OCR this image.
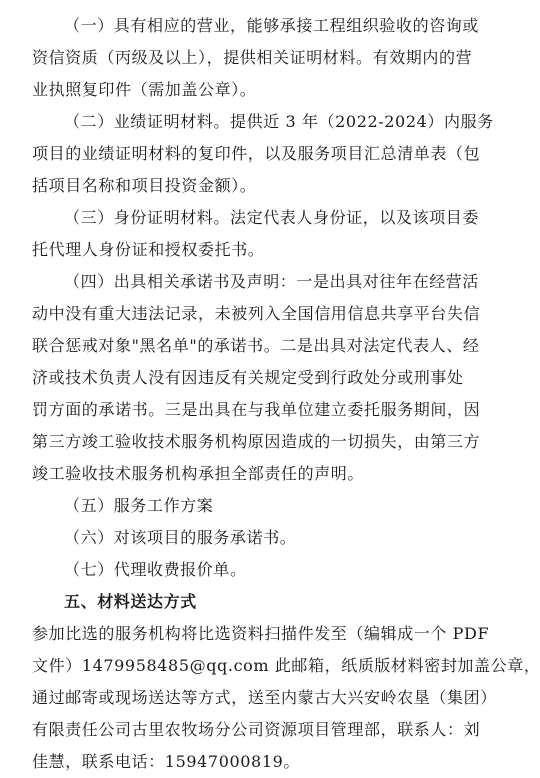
（一）具有相应的营业，能够承接工程组织验收的咨询或
资信资质（丙级及以上），提供相关证明材料。有效期内的营
业执照复印件（需加盖公章）。
（二）业绩证明材料。提供近 3 年（2022-2024）内服务
项目的业绩证明材料的复印件，以及服务项目汇总清单表（包
括项目名称和项目投资金额）。
（三）身份证明材料。法定代表人身份证，以及该项目委
托代理人身份证和授权委托书。
（四）出具相关承诺书及声明：一是出具对往年在经营活
动中没有重大违法记录，未被列入全国信用信息共享平台失信
联合惩戒对象"黑名单"的承诺书。二是出具对法定代表人、经
济或技术负责人没有因违反有关规定受到行政处分或刑事处
罚方面的承诺书。三是出具在与我单位建立委托服务期间，因
第三方竣工验收技术服务机构原因造成的一切损失，由第三方
竣工验收技术服务机构承担全部责任的声明。
（五）服务工作方案
（六）对该项目的服务承诺书。
（七）代理收费报价单。
五、材料送达方式
参加比选的服务机构将比选资料扫描件发至（编辑成一个 PDF
文件）1479958485@qq.com 此邮箱，纸质版材料密封加盖公章，
通过邮寄或现场送达等方式，送至内蒙古大兴安岭农垦（集团）
有限责任公司古里农牧场分公司资源项目管理部，联系人：刘
佳慧，联系电话：15947000819。
